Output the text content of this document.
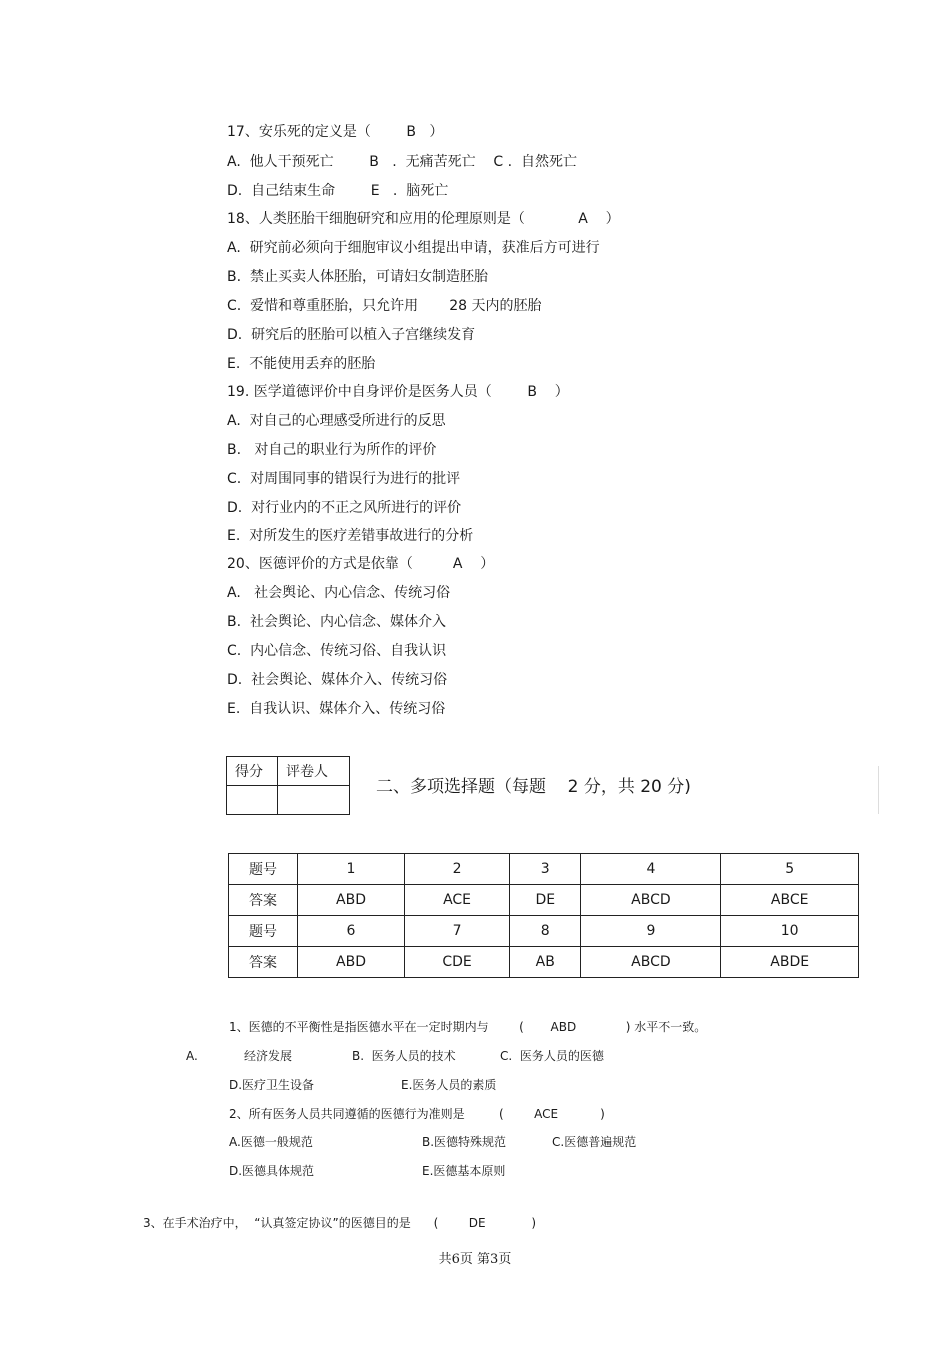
17、安乐死的定义是（        B   ）
A.  他人干预死亡        B   .  无痛苦死亡    C .  自然死亡
D.  自己结束生命        E   .  脑死亡
18、人类胚胎干细胞研究和应用的伦理原则是（            A    ）
A.  研究前必须向于细胞审议小组提出申请，获准后方可进行
B.  禁止买卖人体胚胎，可请妇女制造胚胎
C.  爱惜和尊重胚胎，只允许用       28 天内的胚胎
D.  研究后的胚胎可以植入子宫继续发育
E.  不能使用丢弃的胚胎
19. 医学道德评价中自身评价是医务人员（        B    ）
A.  对自己的心理感受所进行的反思
B.   对自己的职业行为所作的评价
C.  对周围同事的错误行为进行的批评
D.  对行业内的不正之风所进行的评价
E.  对所发生的医疗差错事故进行的分析
20、医德评价的方式是依靠（         A    ）
A.   社会舆论、内心信念、传统习俗
B.  社会舆论、内心信念、媒体介入
C.  内心信念、传统习俗、自我认识
D.  社会舆论、媒体介入、传统习俗
E.  自我认识、媒体介入、传统习俗
得分	评卷人

二、多项选择题（每题    2 分，共 20 分)
题号	1	2	3	4	5
答案	ABD	ACE	DE	ABCD	ABCE
题号	6	7	8	9	10
答案	ABD	CDE	AB	ABCD	ABDE
1、医德的不平衡性是指医德水平在一定时期内与        (       ABD             ) 水平不一致。
A.	经济发展	B.  医务人员的技术	C.  医务人员的医德
D.医疗卫生设备	E.医务人员的素质
2、所有医务人员共同遵循的医德行为准则是         (        ACE           )
A.医德一般规范	B.医德特殊规范	C.医德普遍规范
D.医德具体规范	E.医德基本原则
3、在手术治疗中，  “认真签定协议”的医德目的是      (        DE            )
共6页 第3页
